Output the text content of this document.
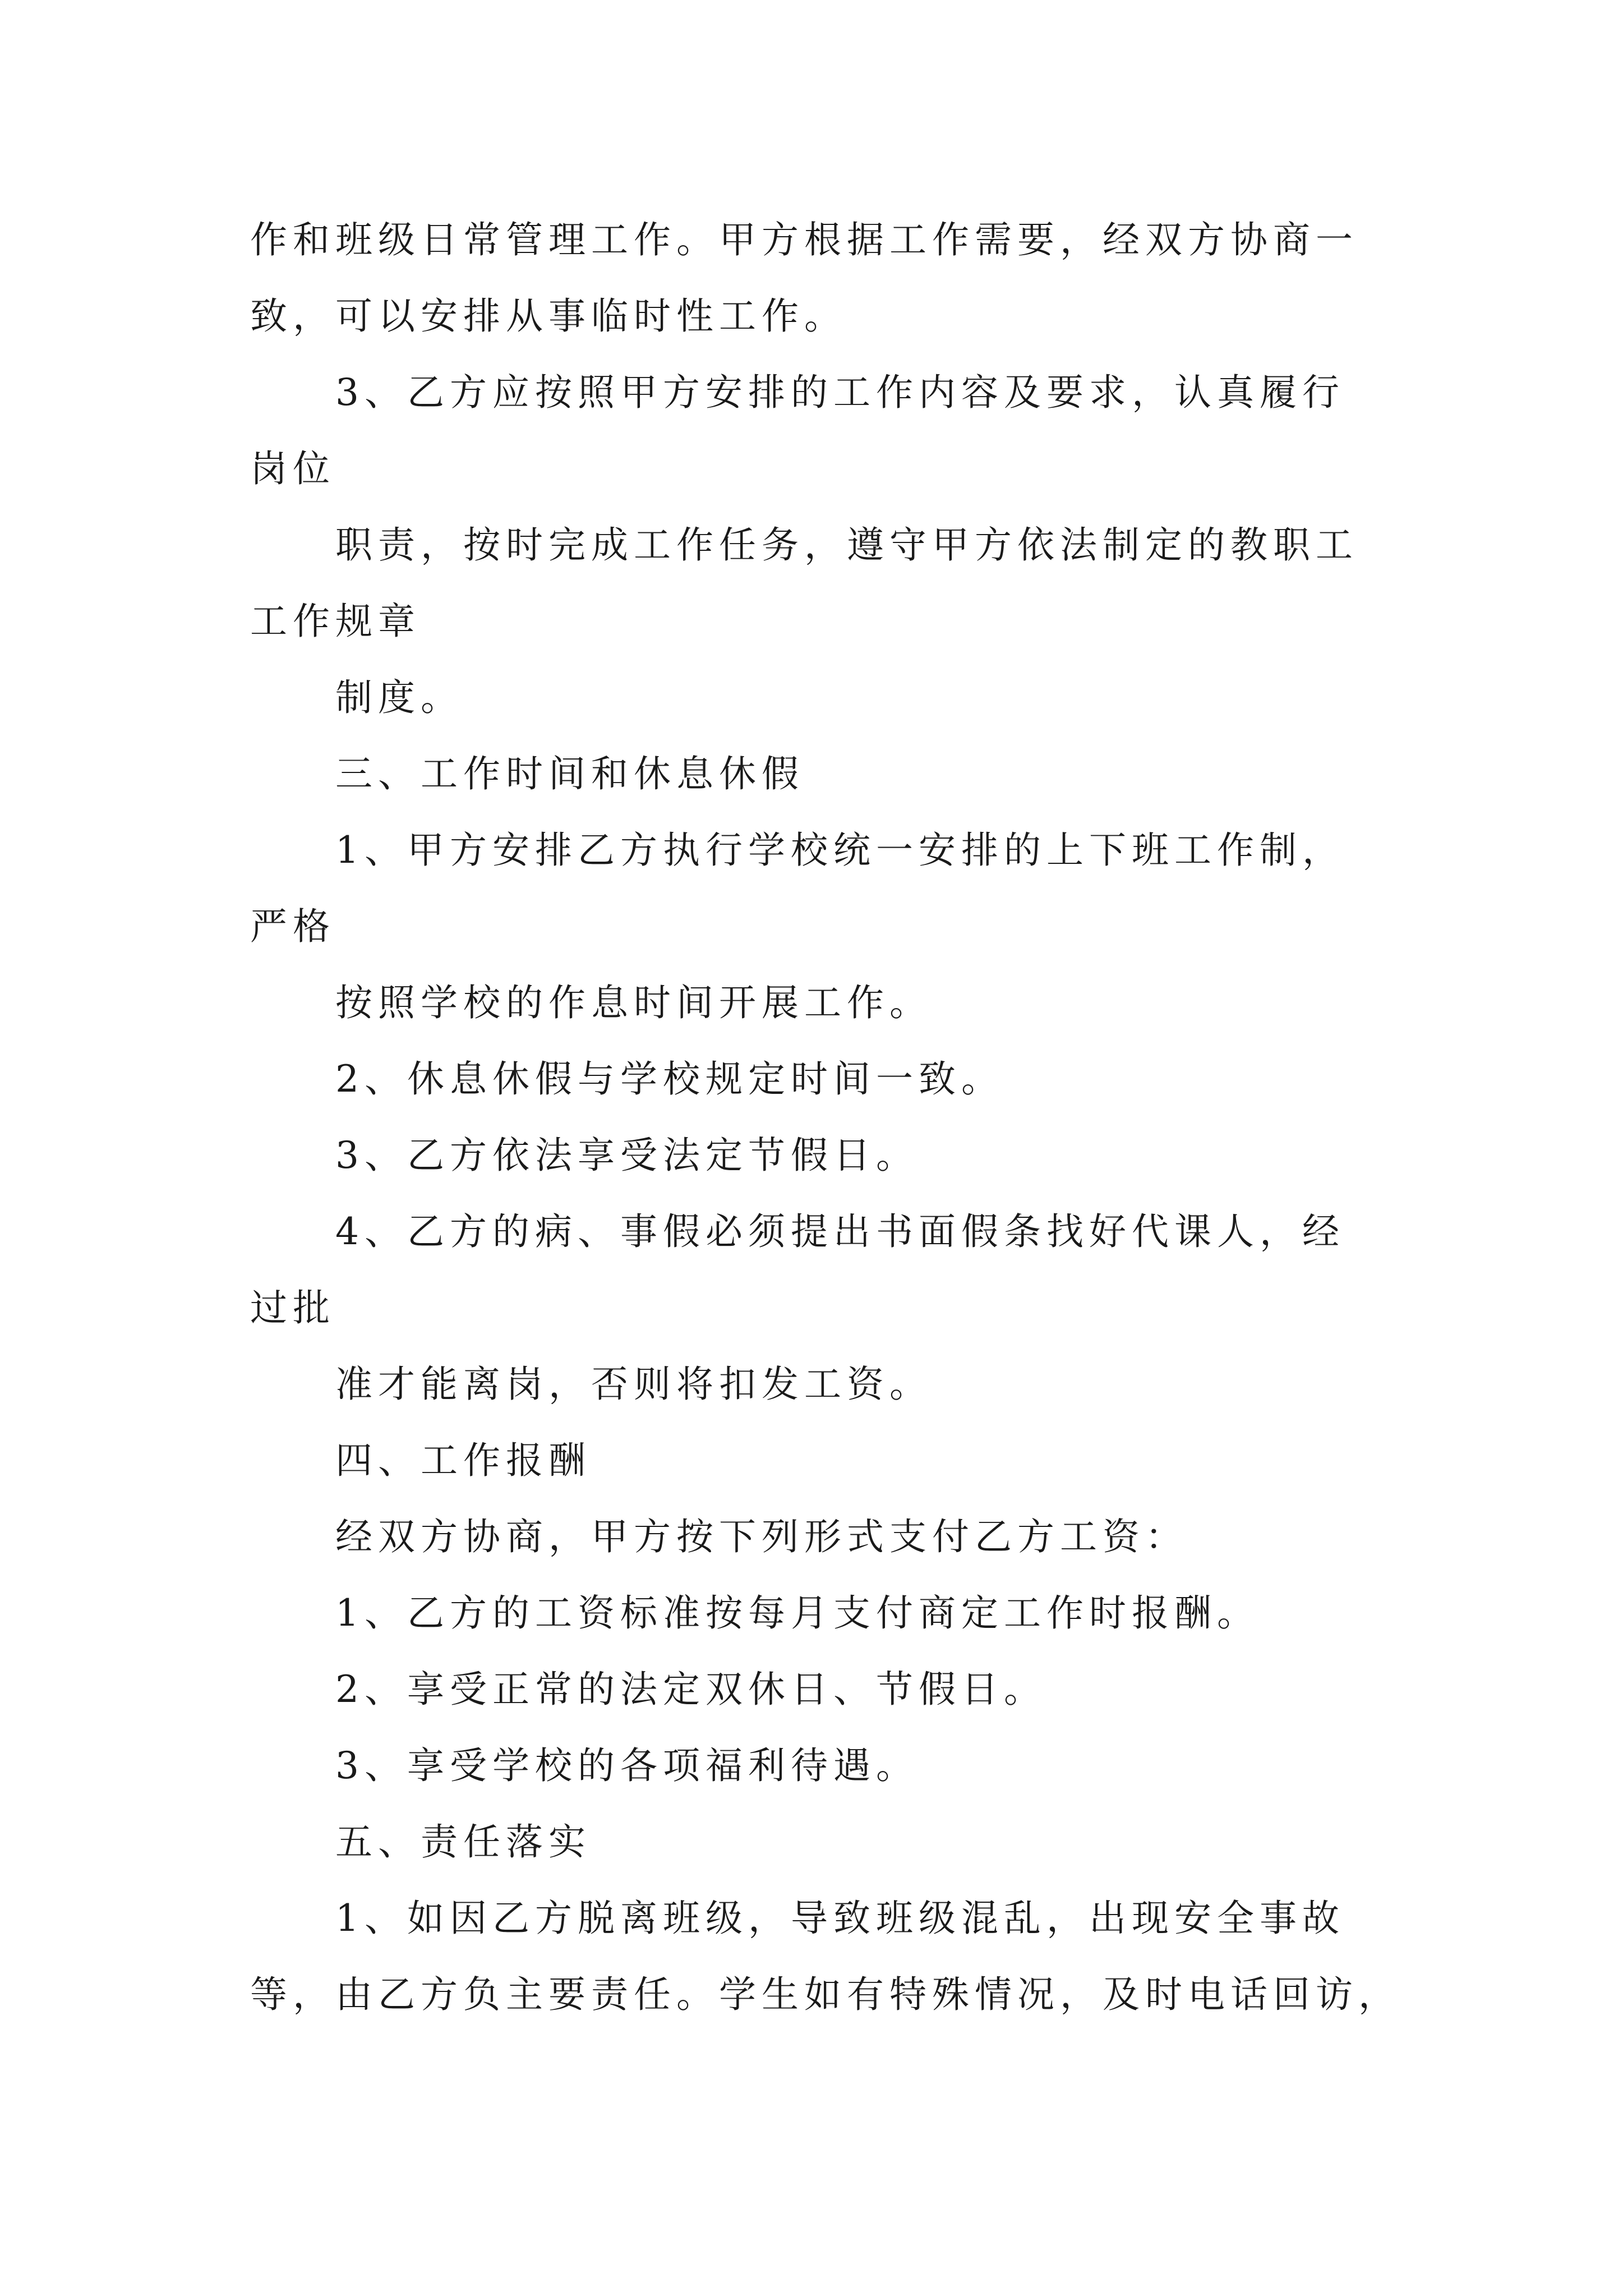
作和班级日常管理工作。甲方根据工作需要，经双方协商一
致，可以安排从事临时性工作。
3、乙方应按照甲方安排的工作内容及要求，认真履行
岗位
职责，按时完成工作任务，遵守甲方依法制定的教职工
工作规章
制度。
三、工作时间和休息休假
1、甲方安排乙方执行学校统一安排的上下班工作制，
严格
按照学校的作息时间开展工作。
2、休息休假与学校规定时间一致。
3、乙方依法享受法定节假日。
4、乙方的病、事假必须提出书面假条找好代课人，经
过批
准才能离岗，否则将扣发工资。
四、工作报酬
经双方协商，甲方按下列形式支付乙方工资：
1、乙方的工资标准按每月支付商定工作时报酬。
2、享受正常的法定双休日、节假日。
3、享受学校的各项福利待遇。
五、责任落实
1、如因乙方脱离班级，导致班级混乱，出现安全事故
等，由乙方负主要责任。学生如有特殊情况，及时电话回访，
